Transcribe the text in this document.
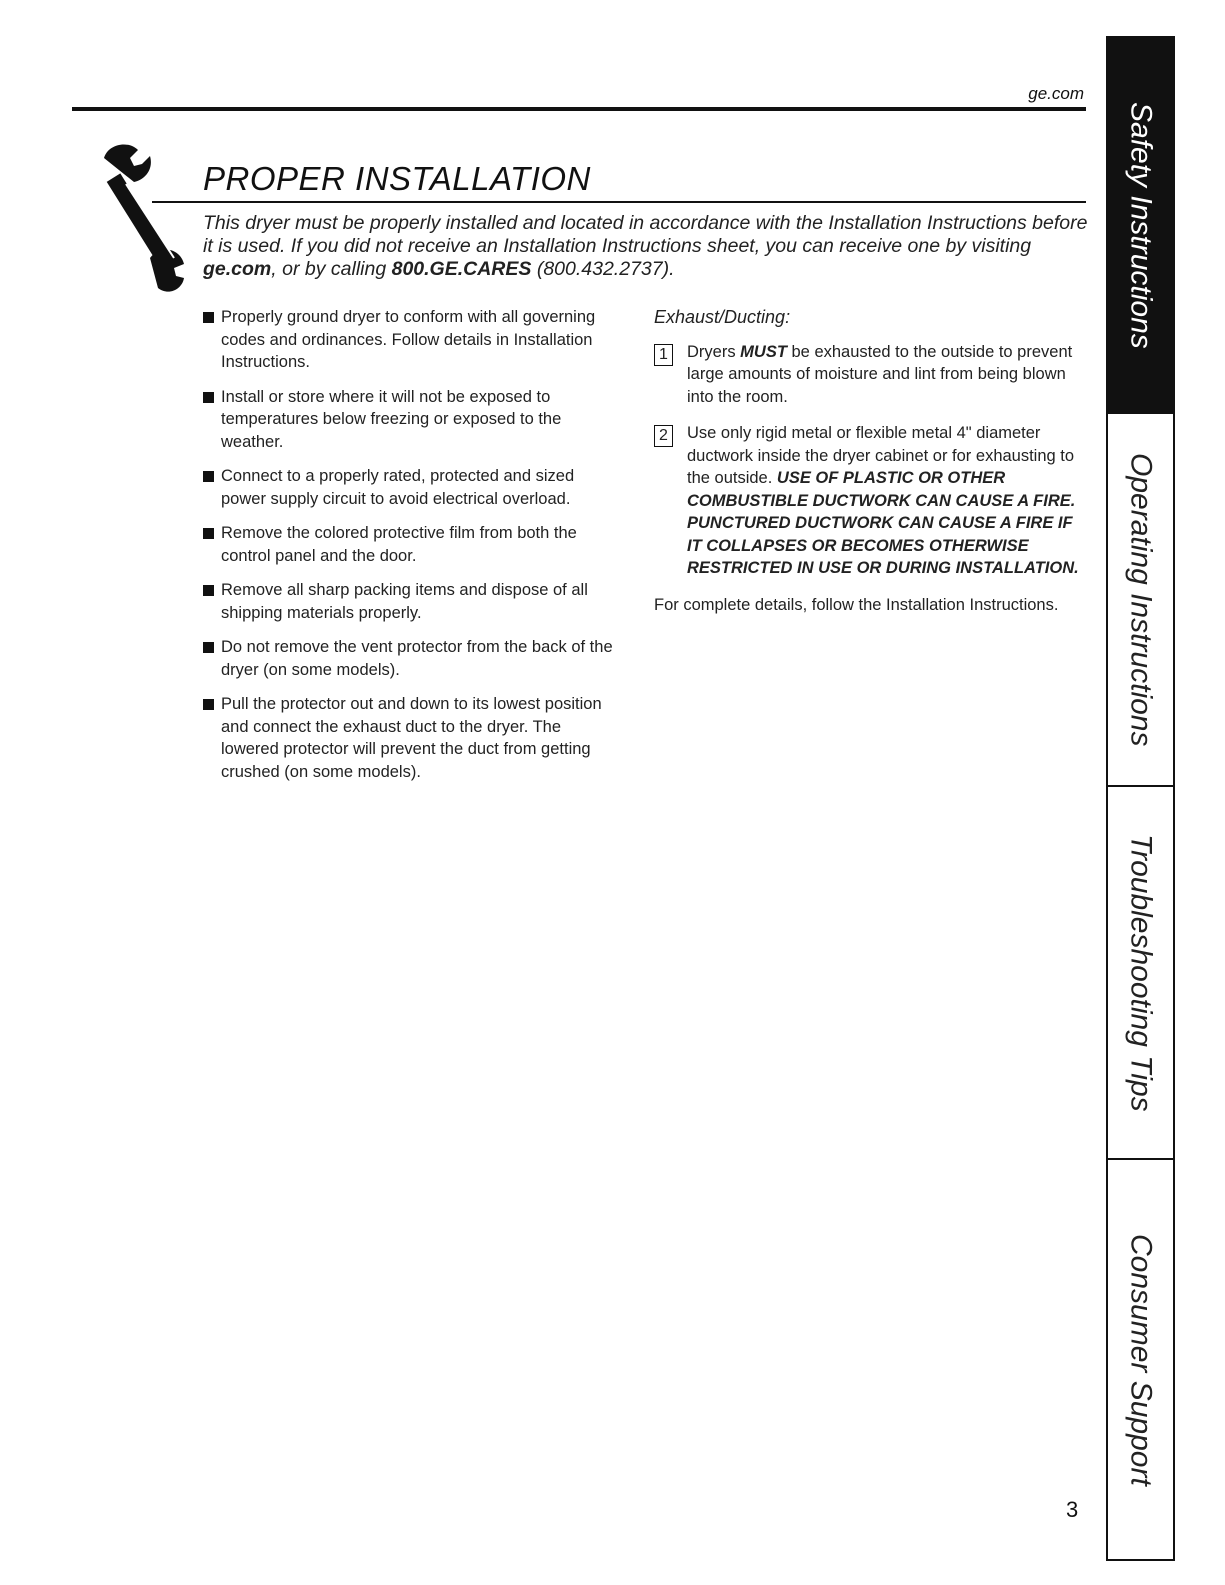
ge.com
PROPER INSTALLATION
This dryer must be properly installed and located in accordance with the Installation Instructions before it is used. If you did not receive an Installation Instructions sheet, you can receive one by visiting ge.com, or by calling 800.GE.CARES (800.432.2737).
Properly ground dryer to conform with all governing codes and ordinances. Follow details in Installation Instructions.
Install or store where it will not be exposed to temperatures below freezing or exposed to the weather.
Connect to a properly rated, protected and sized power supply circuit to avoid electrical overload.
Remove the colored protective film from both the control panel and the door.
Remove all sharp packing items and dispose of all shipping materials properly.
Do not remove the vent protector from the back of the dryer (on some models).
Pull the protector out and down to its lowest position and connect the exhaust duct to the dryer. The lowered protector will prevent the duct from getting crushed (on some models).
Exhaust/Ducting:
1	Dryers MUST be exhausted to the outside to prevent large amounts of moisture and lint from being blown into the room.
2	Use only rigid metal or flexible metal 4" diameter ductwork inside the dryer cabinet or for exhausting to the outside. USE OF PLASTIC OR OTHER COMBUSTIBLE DUCTWORK CAN CAUSE A FIRE. PUNCTURED DUCTWORK CAN CAUSE A FIRE IF IT COLLAPSES OR BECOMES OTHERWISE RESTRICTED IN USE OR DURING INSTALLATION.
For complete details, follow the Installation Instructions.
Safety Instructions
Operating Instructions
Troubleshooting Tips
Consumer Support
3
